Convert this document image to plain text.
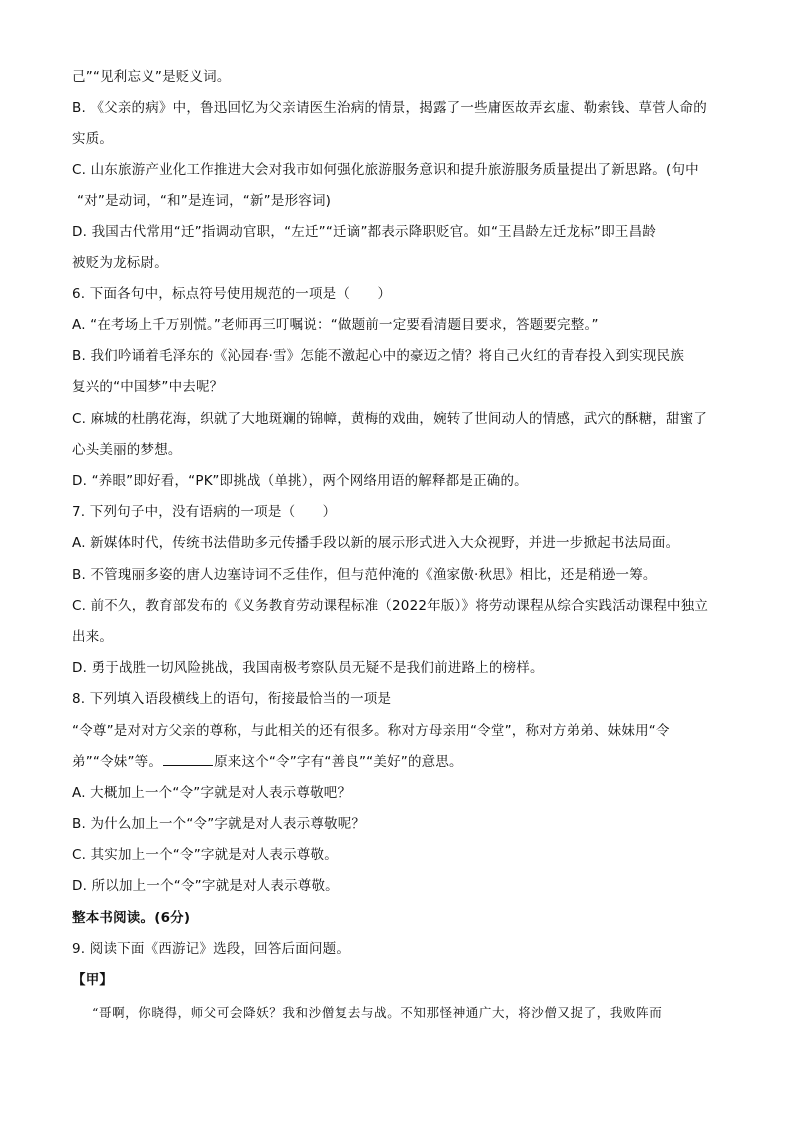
己”“见利忘义”是贬义词。
B. 《父亲的病》中，鲁迅回忆为父亲请医生治病的情景，揭露了一些庸医故弄玄虚、勒索钱、草菅人命的
实质。
C. 山东旅游产业化工作推进大会对我市如何强化旅游服务意识和提升旅游服务质量提出了新思路。(句中
“对”是动词，“和”是连词，“新”是形容词)
D. 我国古代常用“迁”指调动官职，“左迁”“迁谪”都表示降职贬官。如“王昌龄左迁龙标”即王昌龄
被贬为龙标尉。
6. 下面各句中，标点符号使用规范的一项是（　　）
A. “在考场上千万别慌。”老师再三叮嘱说：“做题前一定要看清题目要求，答题要完整。”
B. 我们吟诵着毛泽东的《沁园春·雪》怎能不激起心中的豪迈之情？将自己火红的青春投入到实现民族
复兴的“中国梦”中去呢？
C. 麻城的杜鹃花海，织就了大地斑斓的锦幛，黄梅的戏曲，婉转了世间动人的情感，武穴的酥糖，甜蜜了
心头美丽的梦想。
D. “养眼”即好看，“PK”即挑战（单挑），两个网络用语的解释都是正确的。
7. 下列句子中，没有语病的一项是（　　）
A. 新媒体时代，传统书法借助多元传播手段以新的展示形式进入大众视野，并进一步掀起书法局面。
B. 不管瑰丽多姿的唐人边塞诗词不乏佳作，但与范仲淹的《渔家傲·秋思》相比，还是稍逊一筹。
C. 前不久，教育部发布的《义务教育劳动课程标准（2022年版）》将劳动课程从综合实践活动课程中独立
出来。
D. 勇于战胜一切风险挑战，我国南极考察队员无疑不是我们前进路上的榜样。
8. 下列填入语段横线上的语句，衔接最恰当的一项是
“令尊”是对对方父亲的尊称，与此相关的还有很多。称对方母亲用“令堂”，称对方弟弟、妹妹用“令
弟”“令妹”等。	原来这个“令”字有“善良”“美好”的意思。
A. 大概加上一个“令”字就是对人表示尊敬吧？
B. 为什么加上一个“令”字就是对人表示尊敬呢？
C. 其实加上一个“令”字就是对人表示尊敬。
D. 所以加上一个“令”字就是对人表示尊敬。
整本书阅读。(6分)
9. 阅读下面《西游记》选段，回答后面问题。
【甲】
“哥啊，你晓得，师父可会降妖？我和沙僧复去与战。不知那怪神通广大，将沙僧又捉了，我败阵而
